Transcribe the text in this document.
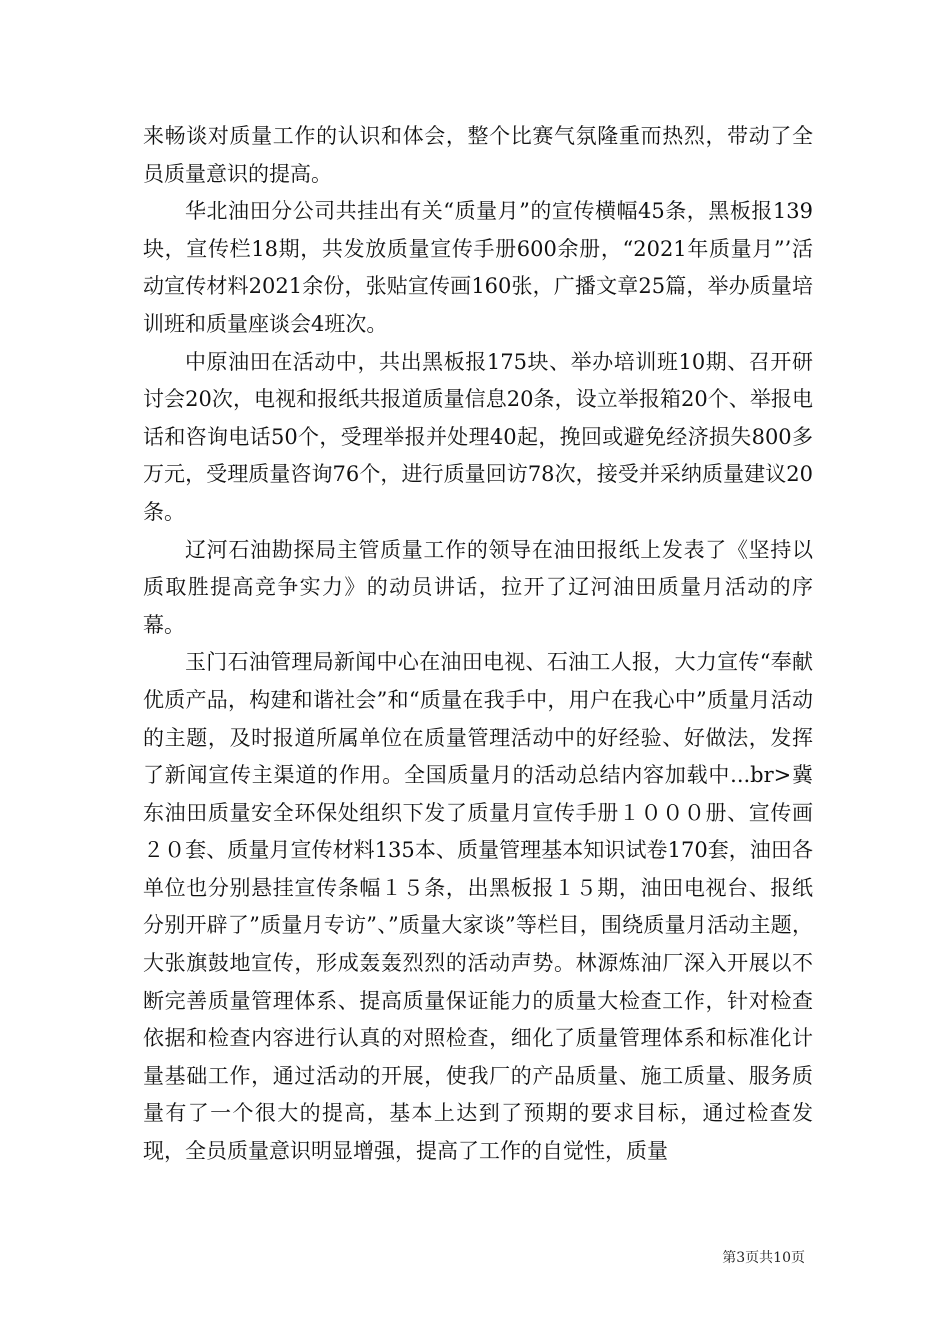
来畅谈对质量工作的认识和体会，整个比赛气氛隆重而热烈，带动了全员质量意识的提高。

华北油田分公司共挂出有关“质量月”的宣传横幅45条，黑板报139块，宣传栏18期，共发放质量宣传手册600余册，“2021年质量月”’活动宣传材料2021余份，张贴宣传画160张，广播文章25篇，举办质量培训班和质量座谈会4班次。

中原油田在活动中，共出黑板报175块、举办培训班10期、召开研讨会20次，电视和报纸共报道质量信息20条，设立举报箱20个、举报电话和咨询电话50个，受理举报并处理40起，挽回或避免经济损失800多万元，受理质量咨询76个，进行质量回访78次，接受并采纳质量建议20条。

辽河石油勘探局主管质量工作的领导在油田报纸上发表了《坚持以质取胜提高竞争实力》的动员讲话，拉开了辽河油田质量月活动的序幕。

玉门石油管理局新闻中心在油田电视、石油工人报，大力宣传“奉献优质产品，构建和谐社会”和“质量在我手中，用户在我心中”质量月活动的主题，及时报道所属单位在质量管理活动中的好经验、好做法，发挥了新闻宣传主渠道的作用。全国质量月的活动总结内容加载中...br>冀东油田质量安全环保处组织下发了质量月宣传手册１０００册、宣传画２０套、质量月宣传材料135本、质量管理基本知识试卷170套，油田各单位也分别悬挂宣传条幅１５条，出黑板报１５期，油田电视台、报纸分别开辟了”质量月专访”、”质量大家谈”等栏目，围绕质量月活动主题，大张旗鼓地宣传，形成轰轰烈烈的活动声势。林源炼油厂深入开展以不断完善质量管理体系、提高质量保证能力的质量大检查工作，针对检查依据和检查内容进行认真的对照检查，细化了质量管理体系和标准化计量基础工作，通过活动的开展，使我厂的产品质量、施工质量、服务质量有了一个很大的提高，基本上达到了预期的要求目标，通过检查发现，全员质量意识明显增强，提高了工作的自觉性，质量

第3页共10页
